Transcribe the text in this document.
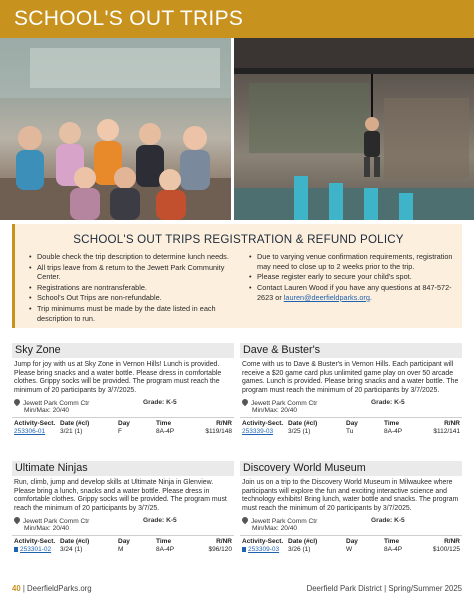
SCHOOL'S OUT TRIPS
SCHOOL'S OUT TRIPS REGISTRATION & REFUND POLICY
• Double check the trip description to determine lunch needs.
• All trips leave from & return to the Jewett Park Community Center.
• Registrations are nontransferable.
• School's Out Trips are non-refundable.
• Trip minimums must be made by the date listed in each description to run.
• Due to varying venue confirmation requirements, registration may need to close up to 2 weeks prior to the trip.
• Please register early to secure your child's spot.
• Contact Lauren Wood if you have any questions at 847-572-2623 or lauren@deerfieldparks.org.
Sky Zone
Jump for joy with us at Sky Zone in Vernon Hills! Lunch is provided. Please bring snacks and a water bottle. Please dress in comfortable clothes. Grippy socks will be provided. The program must reach the minimum of 20 participants by 3/7/2025.
Jewett Park Comm Ctr
Min/Max: 20/40
Grade: K-5
Activity-Sect. Date (#cl)	Day	Time	R/NR
253306-01 3/21 (1)	F	8A-4P	$119/148
Dave & Buster's
Come with us to Dave & Buster's in Vernon Hills. Each participant will receive a $20 game card plus unlimited game play on over 50 arcade games. Lunch is provided. Please bring snacks and a water bottle. The program must reach the minimum of 20 participants by 3/7/2025.
Jewett Park Comm Ctr
Min/Max: 20/40
Grade: K-5
Activity-Sect. Date (#cl)	Day	Time	R/NR
253339-03 3/25 (1)	Tu	8A-4P	$112/141
Ultimate Ninjas
Run, climb, jump and develop skills at Ultimate Ninja in Glenview. Please bring a lunch, snacks and a water bottle. Please dress in comfortable clothes. Grippy socks will be provided. The program must reach the minimum of 20 participants by 3/7/25.
Jewett Park Comm Ctr
Min/Max: 20/40
Grade: K-5
Activity-Sect. Date (#cl)	Day	Time	R/NR
253301-02 3/24 (1)	M	8A-4P	$96/120
Discovery World Museum
Join us on a trip to the Discovery World Museum in Milwaukee where participants will explore the fun and exciting interactive science and technology exhibits! Bring lunch, water bottle and snacks. The program must reach the minimum of 20 participants by 3/7/2025.
Jewett Park Comm Ctr
Min/Max: 20/40
Grade: K-5
Activity-Sect. Date (#cl)	Day	Time	R/NR
253309-03 3/26 (1)	W	8A-4P	$100/125
40 | DeerfieldParks.org	Deerfield Park District | Spring/Summer 2025
